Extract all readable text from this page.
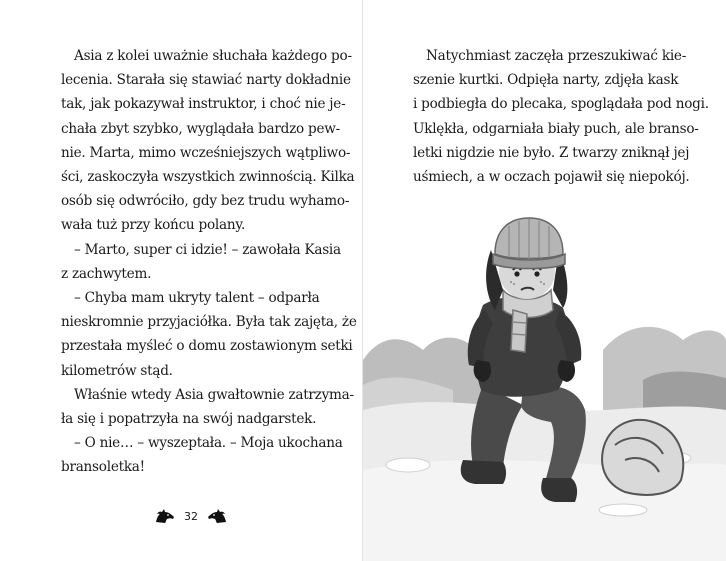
Asia z kolei uważnie słuchała każdego po-
lecenia. Starała się stawiać narty dokładnie
tak, jak pokazywał instruktor, i choć nie je-
chała zbyt szybko, wyglądała bardzo pew-
nie. Marta, mimo wcześniejszych wątpliwo-
ści, zaskoczyła wszystkich zwinnością. Kilka
osób się odwróciło, gdy bez trudu wyhamo-
wała tuż przy końcu polany.
– Marto, super ci idzie! – zawołała Kasia
z zachwytem.
– Chyba mam ukryty talent – odparła
nieskromnie przyjaciółka. Była tak zajęta, że
przestała myśleć o domu zostawionym setki
kilometrów stąd.
Właśnie wtedy Asia gwałtownie zatrzyma-
ła się i popatrzyła na swój nadgarstek.
– O nie… – wyszeptała. – Moja ukochana
bransoletka!
32
Natychmiast zaczęła przeszukiwać kie-
szenie kurtki. Odpięła narty, zdjęła kask
i podbiegła do plecaka, spoglądała pod nogi.
Uklękła, odgarniała biały puch, ale branso-
letki nigdzie nie było. Z twarzy zniknął jej
uśmiech, a w oczach pojawił się niepokój.
